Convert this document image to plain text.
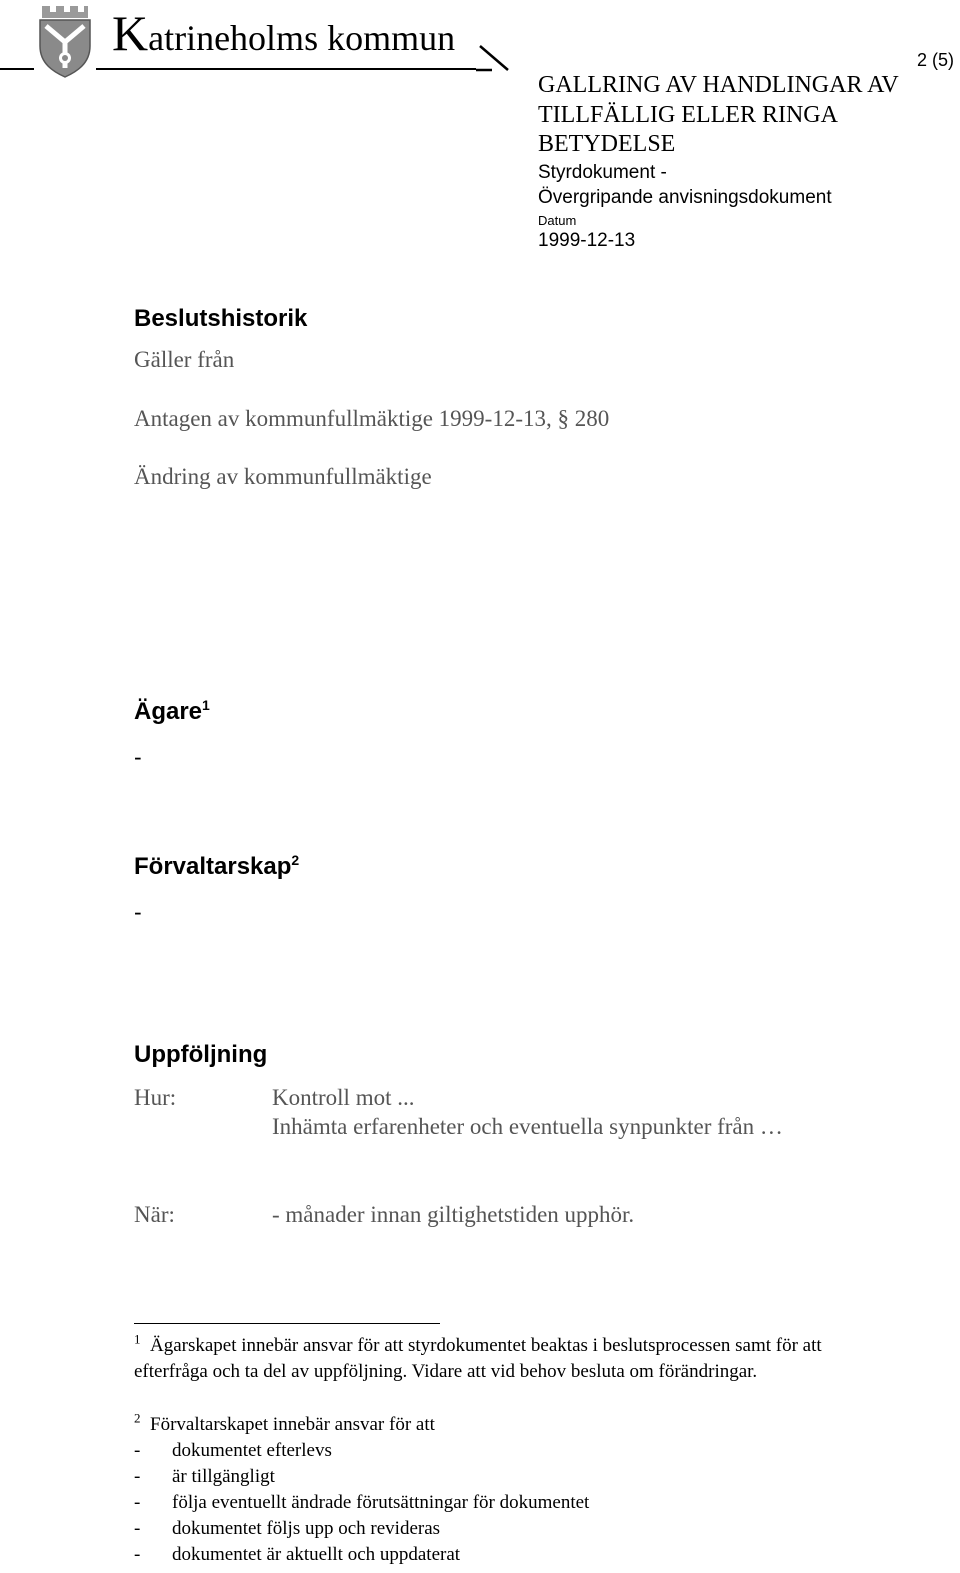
Katrineholms kommun
2 (5)
GALLRING AV HANDLINGAR AV TILLFÄLLIG ELLER RINGA BETYDELSE
Styrdokument -
Övergripande anvisningsdokument
Datum
1999-12-13
Beslutshistorik
Gäller från
Antagen av kommunfullmäktige 1999-12-13, § 280
Ändring av kommunfullmäktige
Ägare$^1$
-
Förvaltarskap$^2$
-
Uppföljning
Hur:	Kontroll mot ...
Inhämta erfarenheter och eventuella synpunkter från …
När:	- månader innan giltighetstiden upphör.
$^1$ Ägarskapet innebär ansvar för att styrdokumentet beaktas i beslutsprocessen samt för att
efterfråga och ta del av uppföljning. Vidare att vid behov besluta om förändringar.
$^2$ Förvaltarskapet innebär ansvar för att
-	dokumentet efterlevs
-	är tillgängligt
-	följa eventuellt ändrade förutsättningar för dokumentet
-	dokumentet följs upp och revideras
-	dokumentet är aktuellt och uppdaterat
